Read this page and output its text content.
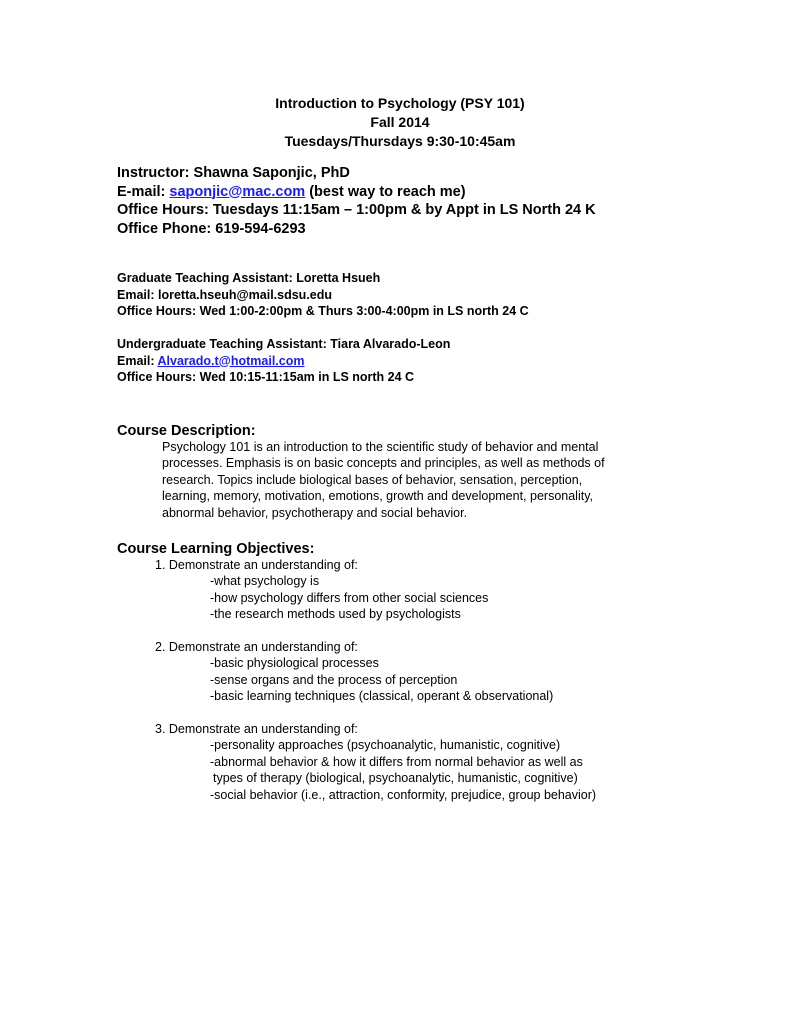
Introduction to Psychology (PSY 101)
Fall 2014
Tuesdays/Thursdays 9:30-10:45am
Instructor: Shawna Saponjic, PhD
E-mail: saponjic@mac.com (best way to reach me)
Office Hours: Tuesdays 11:15am – 1:00pm & by Appt in LS North 24 K
Office Phone: 619-594-6293
Graduate Teaching Assistant: Loretta Hsueh
Email: loretta.hseuh@mail.sdsu.edu
Office Hours: Wed 1:00-2:00pm & Thurs 3:00-4:00pm in LS north 24 C
Undergraduate Teaching Assistant: Tiara Alvarado-Leon
Email: Alvarado.t@hotmail.com
Office Hours: Wed 10:15-11:15am in LS north 24 C
Course Description:
Psychology 101 is an introduction to the scientific study of behavior and mental
processes. Emphasis is on basic concepts and principles, as well as methods of
research. Topics include biological bases of behavior, sensation, perception,
learning, memory, motivation, emotions, growth and development, personality,
abnormal behavior, psychotherapy and social behavior.
Course Learning Objectives:
1. Demonstrate an understanding of:
-what psychology is
-how psychology differs from other social sciences
-the research methods used by psychologists
2. Demonstrate an understanding of:
-basic physiological processes
-sense organs and the process of perception
-basic learning techniques (classical, operant & observational)
3. Demonstrate an understanding of:
-personality approaches (psychoanalytic, humanistic, cognitive)
-abnormal behavior & how it differs from normal behavior as well as
types of therapy (biological, psychoanalytic, humanistic, cognitive)
-social behavior (i.e., attraction, conformity, prejudice, group behavior)
